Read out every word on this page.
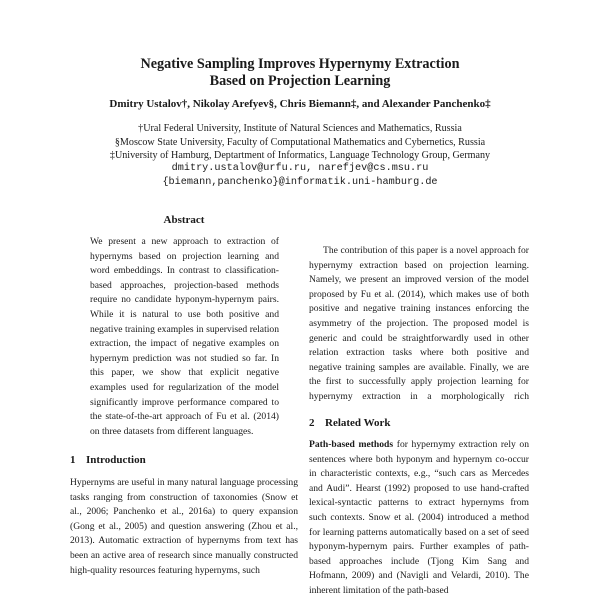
Negative Sampling Improves Hypernymy Extraction
Based on Projection Learning
Dmitry Ustalov†, Nikolay Arefyev§, Chris Biemann‡, and Alexander Panchenko‡
†Ural Federal University, Institute of Natural Sciences and Mathematics, Russia
§Moscow State University, Faculty of Computational Mathematics and Cybernetics, Russia
‡University of Hamburg, Deptartment of Informatics, Language Technology Group, Germany
dmitry.ustalov@urfu.ru, narefjev@cs.msu.ru
{biemann,panchenko}@informatik.uni-hamburg.de
Abstract
We present a new approach to extraction of hypernyms based on projection learning and word embeddings. In contrast to classification-based approaches, projection-based methods require no candidate hyponym-hypernym pairs. While it is natural to use both positive and negative training examples in supervised relation extraction, the impact of negative examples on hypernym prediction was not studied so far. In this paper, we show that explicit negative examples used for regularization of the model significantly improve performance compared to the state-of-the-art approach of Fu et al. (2014) on three datasets from different languages.
1 Introduction
Hypernyms are useful in many natural language processing tasks ranging from construction of taxonomies (Snow et al., 2006; Panchenko et al., 2016a) to query expansion (Gong et al., 2005) and question answering (Zhou et al., 2013). Automatic extraction of hypernyms from text has been an active area of research since manually constructed high-quality resources featuring hypernyms, such
The contribution of this paper is a novel approach for hypernymy extraction based on projection learning. Namely, we present an improved version of the model proposed by Fu et al. (2014), which makes use of both positive and negative training instances enforcing the asymmetry of the projection. The proposed model is generic and could be straightforwardly used in other relation extraction tasks where both positive and negative training samples are available. Finally, we are the first to successfully apply projection learning for hypernymy extraction in a morphologically rich
2 Related Work
Path-based methods for hypernymy extraction rely on sentences where both hyponym and hypernym co-occur in characteristic contexts, e.g., “such cars as Mercedes and Audi”. Hearst (1992) proposed to use hand-crafted lexical-syntactic patterns to extract hypernyms from such contexts. Snow et al. (2004) introduced a method for learning patterns automatically based on a set of seed hyponym-hypernym pairs. Further examples of path-based approaches include (Tjong Kim Sang and Hofmann, 2009) and (Navigli and Velardi, 2010). The inherent limitation of the path-based
